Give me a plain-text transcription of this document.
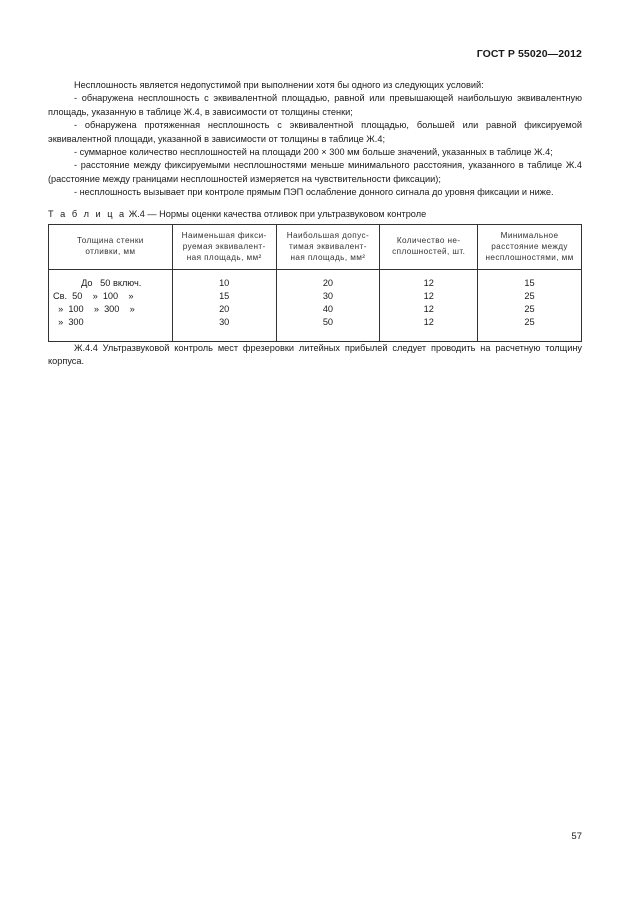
ГОСТ Р 55020—2012

Несплошность является недопустимой при выполнении хотя бы одного из следующих условий:

- обнаружена несплошность с эквивалентной площадью, равной или превышающей наибольшую эквивалентную площадь, указанную в таблице Ж.4, в зависимости от толщины стенки;

- обнаружена протяженная несплошность с эквивалентной площадью, большей или равной фиксируемой эквивалентной площади, указанной в зависимости от толщины в таблице Ж.4;

- суммарное количество несплошностей на площади 200 × 300 мм больше значений, указанных в таблице Ж.4;

- расстояние между фиксируемыми несплошностями меньше минимального расстояния, указанного в таблице Ж.4 (расстояние между границами несплошностей измеряется на чувствительности фиксации);

- несплошность вызывает при контроле прямым ПЭП ослабление донного сигнала до уровня фиксации и ниже.

Т а б л и ц а Ж.4 — Нормы оценки качества отливок при ультразвуковом контроле
Толщина стенки
отливки, мм	Наименьшая фикси-
руемая эквивалент-
ная площадь, мм²	Наибольшая допус-
тимая эквивалент-
ная площадь, мм²	Количество не-
сплошностей, шт.	Минимальное
расстояние между
несплошностями, мм

До   50 включ.	10	20	12	15
Св.  50    »  100    »	15	30	12	25
»  100    »  300    »	20	40	12	25
»  300	30	50	12	25

Ж.4.4 Ультразвуковой контроль мест фрезеровки литейных прибылей следует проводить на расчетную толщину корпуса.

57
